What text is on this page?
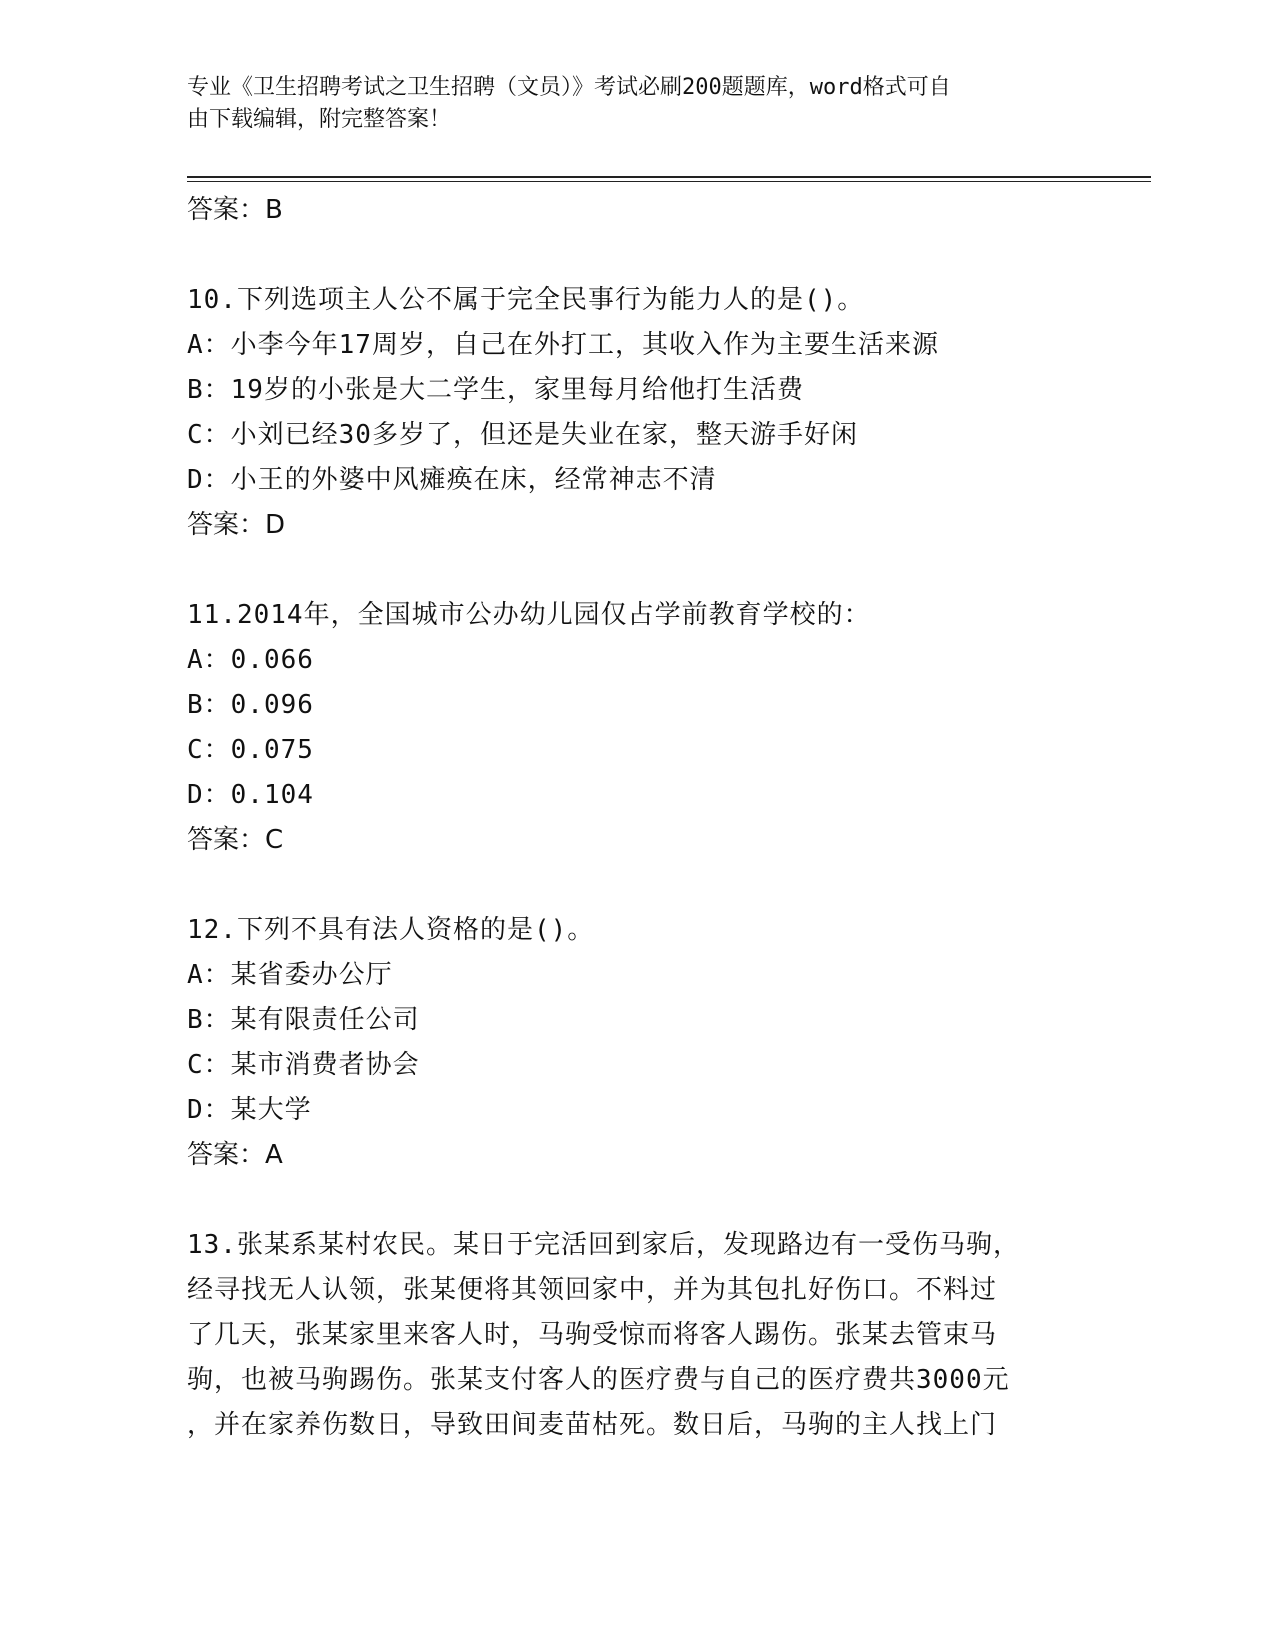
专业《卫生招聘考试之卫生招聘（文员）》考试必刷200题题库，word格式可自

由下载编辑，附完整答案！

答案：B

10.下列选项主人公不属于完全民事行为能力人的是()。

A：小李今年17周岁，自己在外打工，其收入作为主要生活来源

B：19岁的小张是大二学生，家里每月给他打生活费

C：小刘已经30多岁了，但还是失业在家，整天游手好闲

D：小王的外婆中风瘫痪在床，经常神志不清

答案：D

11.2014年，全国城市公办幼儿园仅占学前教育学校的：

A：0.066

B：0.096

C：0.075

D：0.104

答案：C

12.下列不具有法人资格的是()。

A：某省委办公厅

B：某有限责任公司

C：某市消费者协会

D：某大学

答案：A

13.张某系某村农民。某日于完活回到家后，发现路边有一受伤马驹，

经寻找无人认领，张某便将其领回家中，并为其包扎好伤口。不料过

了几天，张某家里来客人时，马驹受惊而将客人踢伤。张某去管束马

驹，也被马驹踢伤。张某支付客人的医疗费与自己的医疗费共3000元

，并在家养伤数日，导致田间麦苗枯死。数日后，马驹的主人找上门
